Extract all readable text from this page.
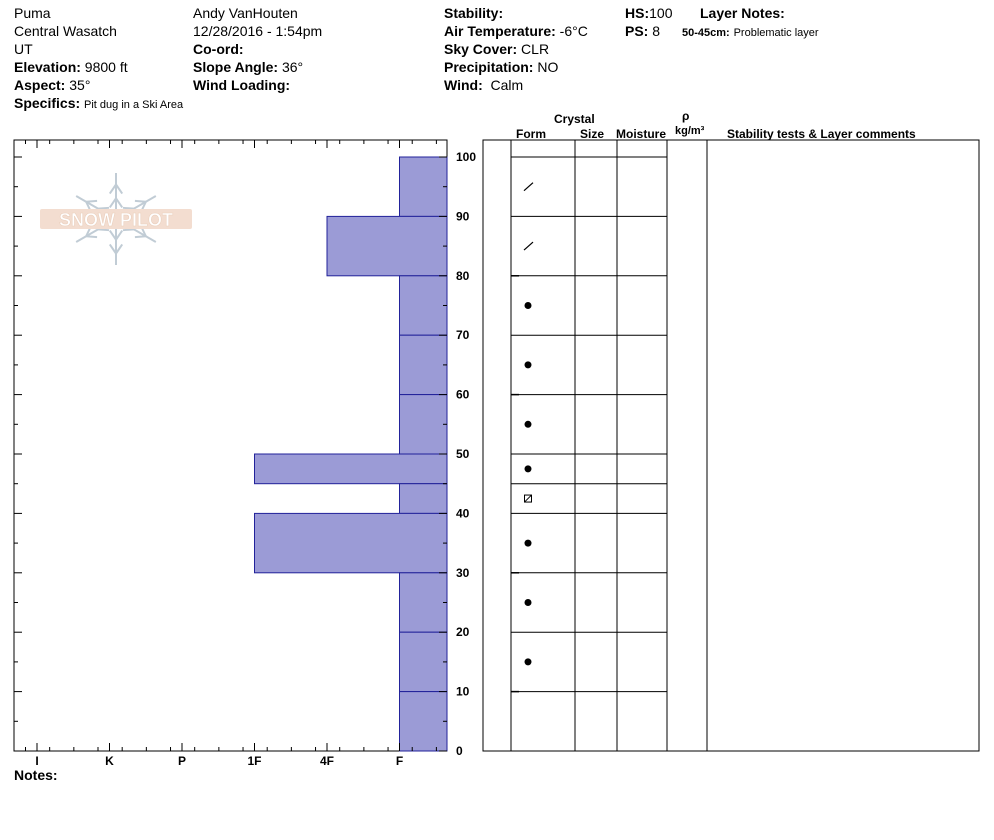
Puma
Central Wasatch
UT
Elevation: 9800 ft
Aspect: 35°
Specifics: Pit dug in a Ski Area
Andy VanHouten
12/28/2016 - 1:54pm
Co-ord:
Slope Angle: 36°
Wind Loading:
Stability:
Air Temperature: -6°C
Sky Cover: CLR
Precipitation: NO
Wind: Calm
HS:100
PS: 8
Layer Notes:
50-45cm: Problematic layer
Crystal
Form	Size Moisture
ρ
kg/m³ Stability tests & Layer comments
Notes:
SNOW PILOT
I	K	P	1F	4F	F
0
10
20
30
40
50
60
70
80
90
100
